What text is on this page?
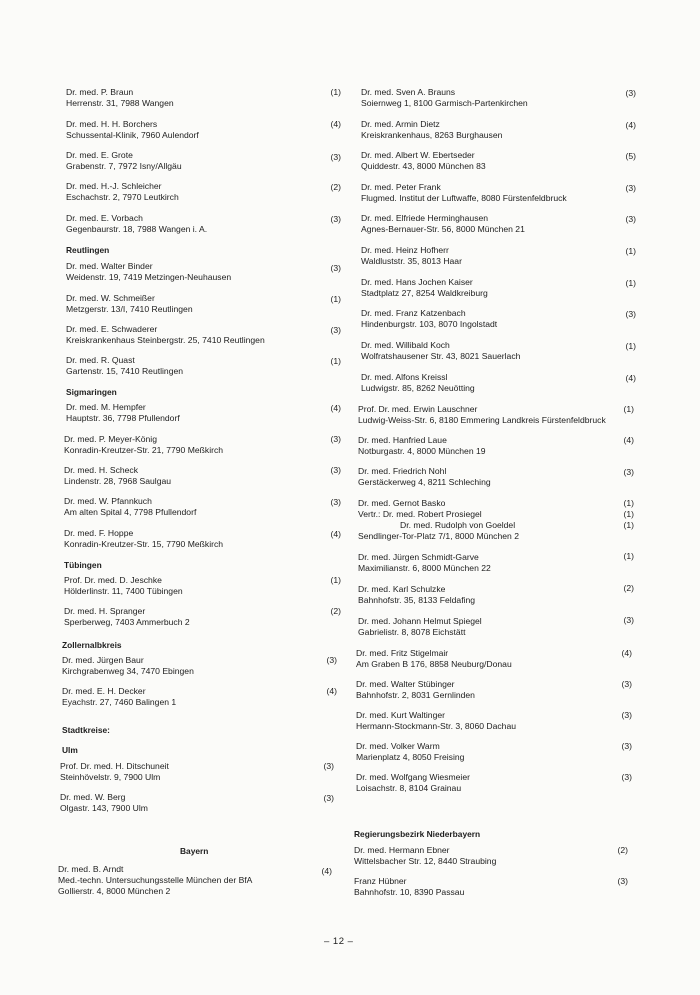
Dr. med. P. Braun
Herrenstr. 31, 7988 Wangen
(1)
Dr. med. H. H. Borchers
Schussental-Klinik, 7960 Aulendorf
(4)
Dr. med. E. Grote
Grabenstr. 7, 7972 Isny/Allgäu
(3)
Dr. med. H.-J. Schleicher
Eschachstr. 2, 7970 Leutkirch
(2)
Dr. med. E. Vorbach
Gegenbaurstr. 18, 7988 Wangen i. A.
(3)
Reutlingen
Dr. med. Walter Binder
Weidenstr. 19, 7419 Metzingen-Neuhausen
(3)
Dr. med. W. Schmeißer
Metzgerstr. 13/I, 7410 Reutlingen
(1)
Dr. med. E. Schwaderer
Kreiskrankenhaus Steinbergstr. 25, 7410 Reutlingen
(3)
Dr. med. R. Quast
Gartenstr. 15, 7410 Reutlingen
(1)
Sigmaringen
Dr. med. M. Hempfer
Hauptstr. 36, 7798 Pfullendorf
(4)
Dr. med. P. Meyer-König
Konradin-Kreutzer-Str. 21, 7790 Meßkirch
(3)
Dr. med. H. Scheck
Lindenstr. 28, 7968 Saulgau
(3)
Dr. med. W. Pfannkuch
Am alten Spital 4, 7798 Pfullendorf
(3)
Dr. med. F. Hoppe
Konradin-Kreutzer-Str. 15, 7790 Meßkirch
(4)
Tübingen
Prof. Dr. med. D. Jeschke
Hölderlinstr. 11, 7400 Tübingen
(1)
Dr. med. H. Spranger
Sperberweg, 7403 Ammerbuch 2
(2)
Zollernalbkreis
Dr. med. Jürgen Baur
Kirchgrabenweg 34, 7470 Ebingen
(3)
Dr. med. E. H. Decker
Eyachstr. 27, 7460 Balingen 1
(4)
Stadtkreise:
Ulm
Prof. Dr. med. H. Ditschuneit
Steinhövelstr. 9, 7900 Ulm
(3)
Dr. med. W. Berg
Olgastr. 143, 7900 Ulm
(3)
Bayern
Dr. med. B. Arndt
Med.-techn. Untersuchungsstelle München der BfA
Gollierstr. 4, 8000 München 2
(4)
Dr. med. Sven A. Brauns
Soiernweg 1, 8100 Garmisch-Partenkirchen
(3)
Dr. med. Armin Dietz
Kreiskrankenhaus, 8263 Burghausen
(4)
Dr. med. Albert W. Ebertseder
Quiddestr. 43, 8000 München 83
(5)
Dr. med. Peter Frank
Flugmed. Institut der Luftwaffe, 8080 Fürstenfeldbruck
(3)
Dr. med. Elfriede Herminghausen
Agnes-Bernauer-Str. 56, 8000 München 21
(3)
Dr. med. Heinz Hofherr
Waldluststr. 35, 8013 Haar
(1)
Dr. med. Hans Jochen Kaiser
Stadtplatz 27, 8254 Waldkreiburg
(1)
Dr. med. Franz Katzenbach
Hindenburgstr. 103, 8070 Ingolstadt
(3)
Dr. med. Willibald Koch
Wolfratshausener Str. 43, 8021 Sauerlach
(1)
Dr. med. Alfons Kreissl
Ludwigstr. 85, 8262 Neuötting
(4)
Prof. Dr. med. Erwin Lauschner
Ludwig-Weiss-Str. 6, 8180 Emmering Landkreis Fürstenfeldbruck
(1)
Dr. med. Hanfried Laue
Notburgastr. 4, 8000 München 19
(4)
Dr. med. Friedrich Nohl
Gerstäckerweg 4, 8211 Schleching
(3)
Dr. med. Gernot Basko
Vertr.: Dr. med. Robert Prosiegel
Dr. med. Rudolph von Goeldel
Sendlinger-Tor-Platz 7/1, 8000 München 2
(1)
(1)
(1)
Dr. med. Jürgen Schmidt-Garve
Maximilianstr. 6, 8000 München 22
(1)
Dr. med. Karl Schulzke
Bahnhofstr. 35, 8133 Feldafing
(2)
Dr. med. Johann Helmut Spiegel
Gabrielistr. 8, 8078 Eichstätt
(3)
Dr. med. Fritz Stigelmair
Am Graben B 176, 8858 Neuburg/Donau
(4)
Dr. med. Walter Stübinger
Bahnhofstr. 2, 8031 Gernlinden
(3)
Dr. med. Kurt Waltinger
Hermann-Stockmann-Str. 3, 8060 Dachau
(3)
Dr. med. Volker Warm
Marienplatz 4, 8050 Freising
(3)
Dr. med. Wolfgang Wiesmeier
Loisachstr. 8, 8104 Grainau
(3)
Regierungsbezirk Niederbayern
Dr. med. Hermann Ebner
Wittelsbacher Str. 12, 8440 Straubing
(2)
Franz Hübner
Bahnhofstr. 10, 8390 Passau
(3)
– 12 –
